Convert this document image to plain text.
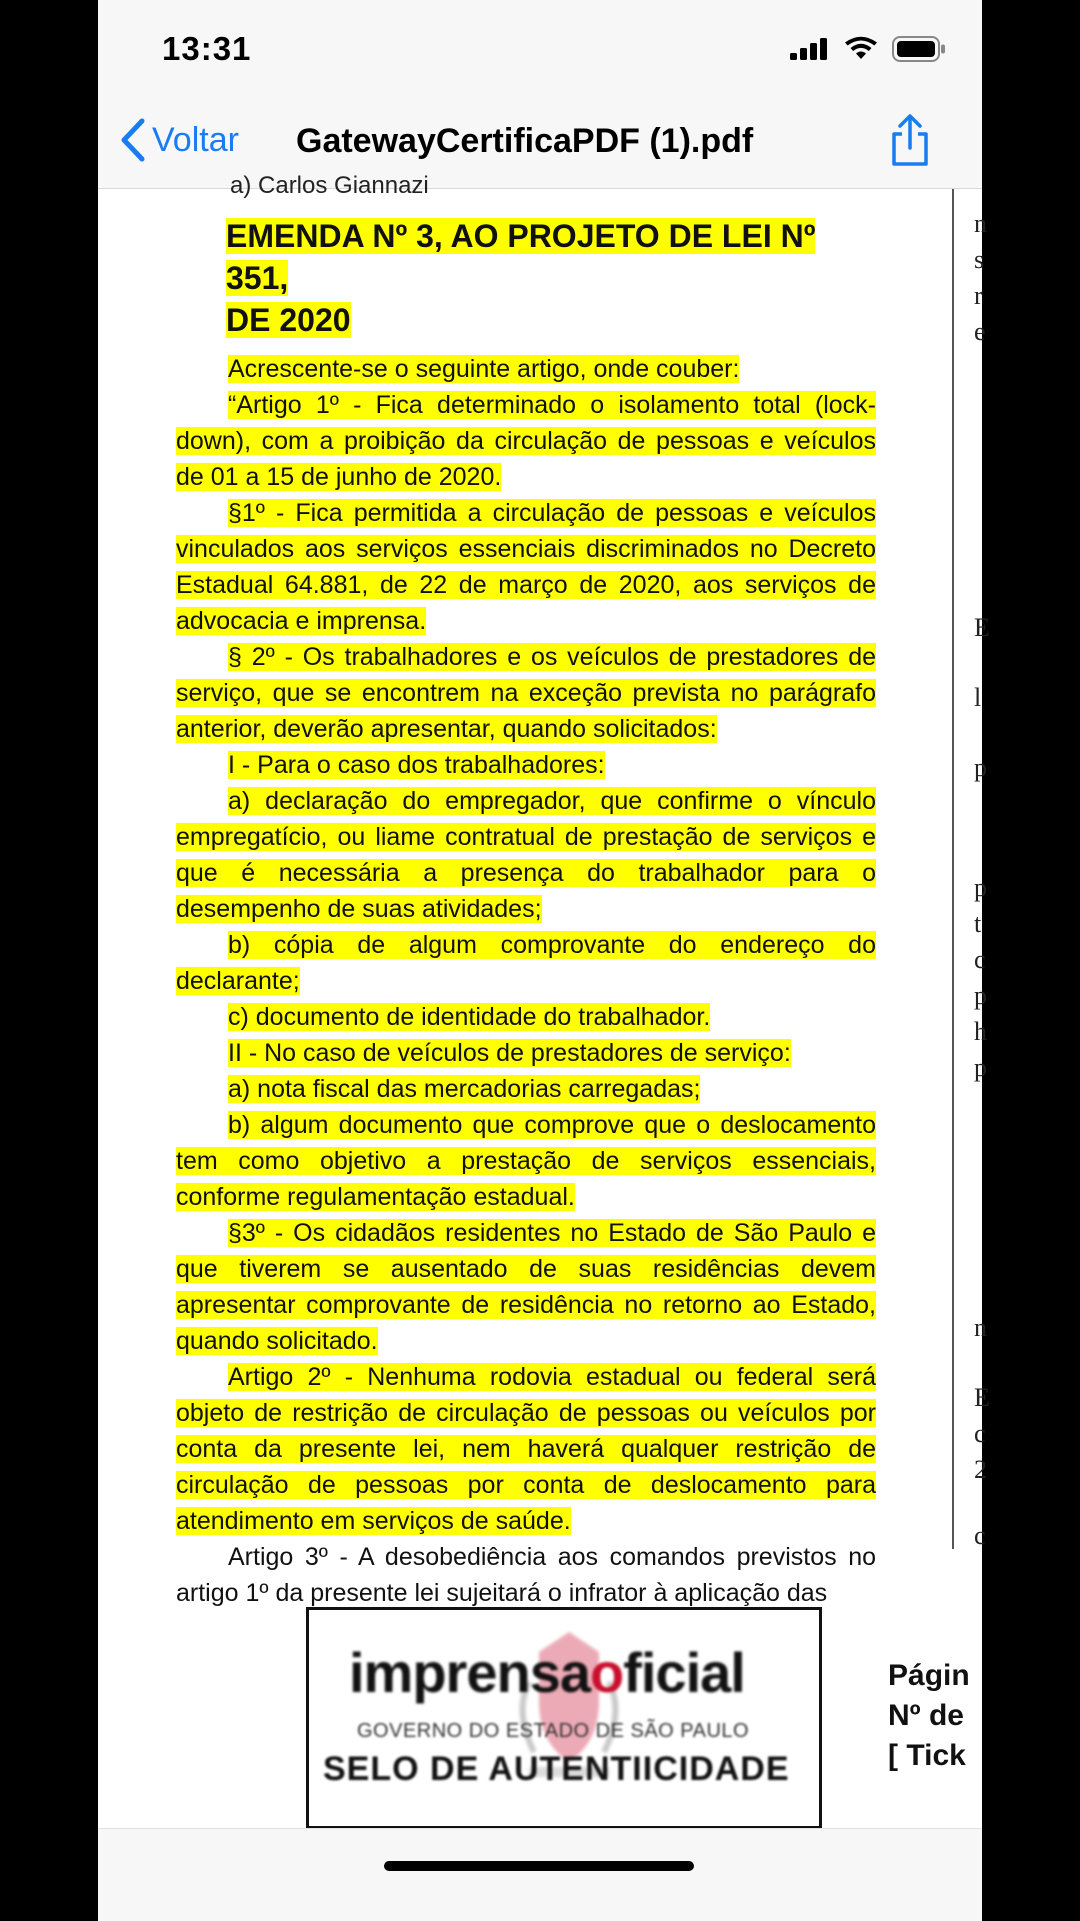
13:31
Voltar GatewayCertificaPDF (1).pdf
a) Carlos Giannazi
EMENDA Nº 3, AO PROJETO DE LEI Nº 351,
DE 2020

Acrescente-se o seguinte artigo, onde couber:

“Artigo 1º - Fica determinado o isolamento total (lock-down), com a proibição da circulação de pessoas e veículos de 01 a 15 de junho de 2020.

§1º - Fica permitida a circulação de pessoas e veículos vinculados aos serviços essenciais discriminados no Decreto Estadual 64.881, de 22 de março de 2020, aos serviços de advocacia e imprensa.

§ 2º - Os trabalhadores e os veículos de prestadores de serviço, que se encontrem na exceção prevista no parágrafo anterior, deverão apresentar, quando solicitados:

I - Para o caso dos trabalhadores:

a) declaração do empregador, que confirme o vínculo empregatício, ou liame contratual de prestação de serviços e que é necessária a presença do trabalhador para o desempenho de suas atividades;

b) cópia de algum comprovante do endereço do declarante;

c) documento de identidade do trabalhador.

II - No caso de veículos de prestadores de serviço:

a) nota fiscal das mercadorias carregadas;

b) algum documento que comprove que o deslocamento tem como objetivo a prestação de serviços essenciais, conforme regulamentação estadual.

§3º - Os cidadãos residentes no Estado de São Paulo e que tiverem se ausentado de suas residências devem apresentar comprovante de residência no retorno ao Estado, quando solicitado.

Artigo 2º - Nenhuma rodovia estadual ou federal será objeto de restrição de circulação de pessoas ou veículos por conta da presente lei, nem haverá qualquer restrição de circulação de pessoas por conta de deslocamento para atendimento em serviços de saúde.

Artigo 3º - A desobediência aos comandos previstos no artigo 1º da presente lei sujeitará o infrator à aplicação das

n
s
r
e
E
l
p
p
t
c
p
h
p
n
E
c
2
c
imprensaoficial
GOVERNO DO ESTADO DE SÃO PAULO
SELO DE AUTENTIICIDADE
Págin
Nº de
[ Tick
